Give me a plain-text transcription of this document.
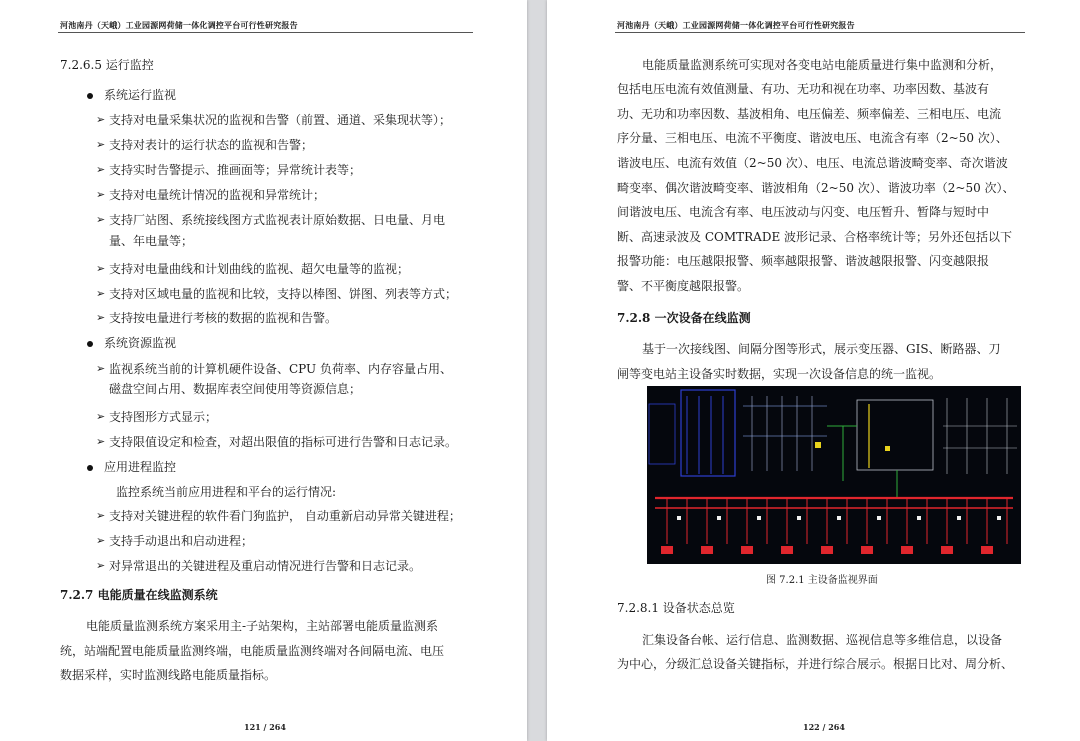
河池南丹（天峨）工业园源网荷储一体化调控平台可行性研究报告
7.2.6.5 运行监控
系统运行监视
➢ 支持对电量采集状况的监视和告警（前置、通道、采集现状等）；
➢ 支持对表计的运行状态的监视和告警；
➢ 支持实时告警提示、推画面等；异常统计表等；
➢ 支持对电量统计情况的监视和异常统计；
➢ 支持厂站图、系统接线图方式监视表计原始数据、日电量、月电
量、年电量等；
➢ 支持对电量曲线和计划曲线的监视、超欠电量等的监视；
➢ 支持对区域电量的监视和比较，支持以棒图、饼图、列表等方式；
➢ 支持按电量进行考核的数据的监视和告警。
系统资源监视
➢ 监视系统当前的计算机硬件设备、CPU 负荷率、内存容量占用、
磁盘空间占用、数据库表空间使用等资源信息；
➢ 支持图形方式显示；
➢ 支持限值设定和检查，对超出限值的指标可进行告警和日志记录。
应用进程监控
监控系统当前应用进程和平台的运行情况:
➢ 支持对关键进程的软件看门狗监护， 自动重新启动异常关键进程；
➢ 支持手动退出和启动进程；
➢ 对异常退出的关键进程及重启动情况进行告警和日志记录。
7.2.7 电能质量在线监测系统
电能质量监测系统方案采用主-子站架构，主站部署电能质量监测系
统，站端配置电能质量监测终端，电能质量监测终端对各间隔电流、电压
数据采样，实时监测线路电能质量指标。
121 / 264
河池南丹（天峨）工业园源网荷储一体化调控平台可行性研究报告
电能质量监测系统可实现对各变电站电能质量进行集中监测和分析，
包括电压电流有效值测量、有功、无功和视在功率、功率因数、基波有
功、无功和功率因数、基波相角、电压偏差、频率偏差、三相电压、电流
序分量、三相电压、电流不平衡度、谐波电压、电流含有率（2~50 次）、
谐波电压、电流有效值（2~50 次）、电压、电流总谐波畸变率、奇次谐波
畸变率、偶次谐波畸变率、谐波相角（2~50 次）、谐波功率（2~50 次）、
间谐波电压、电流含有率、电压波动与闪变、电压暂升、暂降与短时中
断、高速录波及 COMTRADE 波形记录、合格率统计等；另外还包括以下
报警功能：电压越限报警、频率越限报警、谐波越限报警、闪变越限报
警、不平衡度越限报警。
7.2.8 一次设备在线监测
基于一次接线图、间隔分图等形式，展示变压器、GIS、断路器、刀
闸等变电站主设备实时数据，实现一次设备信息的统一监视。
图 7.2.1 主设备监视界面
7.2.8.1 设备状态总览
汇集设备台帐、运行信息、监测数据、巡视信息等多维信息，以设备
为中心，分级汇总设备关键指标，并进行综合展示。根据日比对、周分析、
122 / 264
